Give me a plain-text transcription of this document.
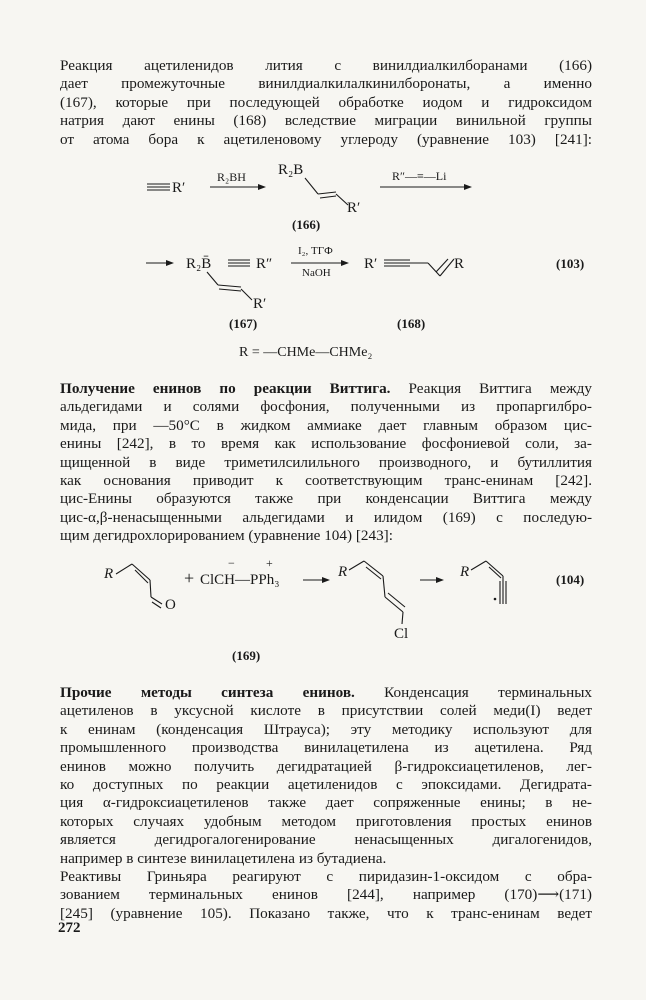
Реакция ацетиленидов лития с винилдиалкилборанами (166)
дает промежуточные винилдиалкилалкинилборонаты, а именно
(167), которые при последующей обработке иодом и гидроксидом
натрия дают енины (168) вследствие миграции винильной группы
от атома бора к ацетиленовому углероду (уравнение 103) [241]:
R′
R₂BH R₂B
R′
R″—≡—Li
(166)
R₂B̄	R″
R′
I₂, ТГФ
NaOH
R′	R	(103)
(167)	(168)
R = —CHMe—CHMe₂
Получение енинов по реакции Виттига. Реакция Виттига между
альдегидами и солями фосфония, полученными из пропаргилбро-
мида, при —50°С в жидком аммиаке дает главным образом цис-
енины [242], в то время как использование фосфониевой соли, за-
щищенной в виде триметилсилильного производного, и бутиллития
как основания приводит к соответствующим транс-енинам [242].
цис-Енины образуются также при конденсации Виттига между
цис-α,β-ненасыщенными альдегидами и илидом (169) с последую-
щим дегидрохлорированием (уравнение 104) [243]:
R
O
+ ClCH—PPh₃
−	+
R
Cl
R	(104)
(169)
Прочие методы синтеза енинов. Конденсация терминальных
ацетиленов в уксусной кислоте в присутствии солей меди(I) ведет
к енинам (конденсация Штрауса); эту методику используют для
промышленного производства винилацетилена из ацетилена. Ряд
енинов можно получить дегидратацией β-гидроксиацетиленов, лег-
ко доступных по реакции ацетиленидов с эпоксидами. Дегидрата-
ция α-гидроксиацетиленов также дает сопряженные енины; в не-
которых случаях удобным методом приготовления простых енинов
является дегидрогалогенирование ненасыщенных дигалогенидов,
например в синтезе винилацетилена из бутадиена.
Реактивы Гриньяра реагируют с пиридазин-1-оксидом с обра-
зованием терминальных енинов [244], например (170)⟶(171)
[245] (уравнение 105). Показано также, что к транс-енинам ведет
272
